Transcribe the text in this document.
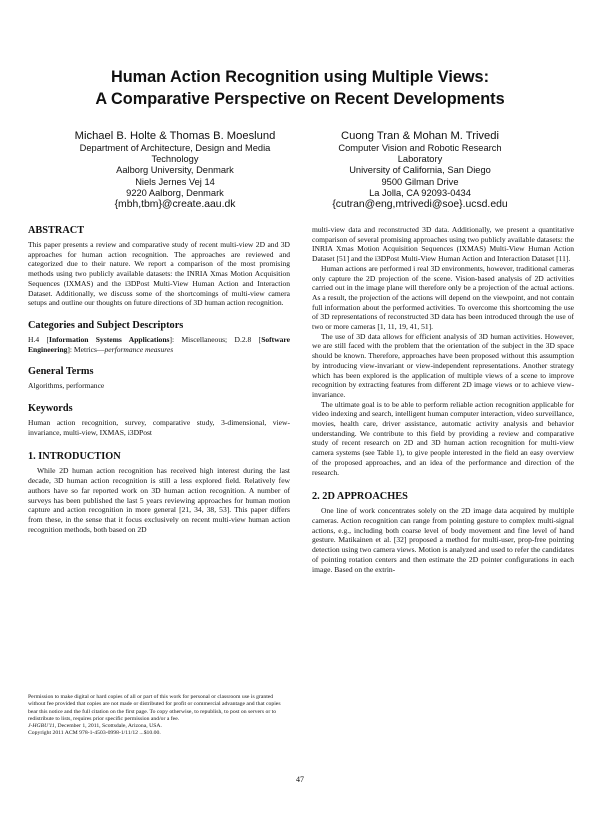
Human Action Recognition using Multiple Views:
A Comparative Perspective on Recent Developments
Michael B. Holte & Thomas B. Moeslund
Department of Architecture, Design and Media
Technology
Aalborg University, Denmark
Niels Jernes Vej 14
9220 Aalborg, Denmark
{mbh,tbm}@create.aau.dk
Cuong Tran & Mohan M. Trivedi
Computer Vision and Robotic Research
Laboratory
University of California, San Diego
9500 Gilman Drive
La Jolla, CA 92093-0434
{cutran@eng,mtrivedi@soe}.ucsd.edu
ABSTRACT

This paper presents a review and comparative study of recent multi-view 2D and 3D approaches for human action recognition. The approaches are reviewed and categorized due to their nature. We report a comparison of the most promising methods using two publicly available datasets: the INRIA Xmas Motion Acquisition Sequences (IXMAS) and the i3DPost Multi-View Human Action and Interaction Dataset. Additionally, we discuss some of the shortcomings of multi-view camera setups and outline our thoughts on future directions of 3D human action recognition.

Categories and Subject Descriptors

H.4 [Information Systems Applications]: Miscellaneous; D.2.8 [Software Engineering]: Metrics—performance measures

General Terms

Algorithms, performance

Keywords

Human action recognition, survey, comparative study, 3-dimensional, view-invariance, multi-view, IXMAS, i3DPost

1. INTRODUCTION

While 2D human action recognition has received high interest during the last decade, 3D human action recognition is still a less explored field. Relatively few authors have so far reported work on 3D human action recognition. A number of surveys has been published the last 5 years reviewing approaches for human motion capture and action recognition in more general [21, 34, 38, 53]. This paper differs from these, in the sense that it focus exclusively on recent multi-view human action recognition methods, both based on 2D

multi-view data and reconstructed 3D data. Additionally, we present a quantitative comparison of several promising approaches using two publicly available datasets: the INRIA Xmas Motion Acquisition Sequences (IXMAS) Multi-View Human Action Dataset [51] and the i3DPost Multi-View Human Action and Interaction Dataset [11].

Human actions are performed i real 3D environments, however, traditional cameras only capture the 2D projection of the scene. Vision-based analysis of 2D activities carried out in the image plane will therefore only be a projection of the actual actions. As a result, the projection of the actions will depend on the viewpoint, and not contain full information about the performed activities. To overcome this shortcoming the use of 3D representations of reconstructed 3D data has been introduced through the use of two or more cameras [1, 11, 19, 41, 51].

The use of 3D data allows for efficient analysis of 3D human activities. However, we are still faced with the problem that the orientation of the subject in the 3D space should be known. Therefore, approaches have been proposed without this assumption by introducing view-invariant or view-independent representations. Another strategy which has been explored is the application of multiple views of a scene to improve recognition by extracting features from different 2D image views or to achieve view-invariance.

The ultimate goal is to be able to perform reliable action recognition applicable for video indexing and search, intelligent human computer interaction, video surveillance, movies, health care, driver assistance, automatic activity analysis and behavior understanding. We contribute to this field by providing a review and comparative study of recent research on 2D and 3D human action recognition for multi-view camera systems (see Table 1), to give people interested in the field an easy overview of the proposed approaches, and an idea of the performance and direction of the research.

2. 2D APPROACHES

One line of work concentrates solely on the 2D image data acquired by multiple cameras. Action recognition can range from pointing gesture to complex multi-signal actions, e.g., including both coarse level of body movement and fine level of hand gesture. Matikainen et al. [32] proposed a method for multi-user, prop-free pointing detection using two camera views. Motion is analyzed and used to refer the candidates of pointing rotation centers and then estimate the 2D pointer configurations in each image. Based on the extrin-

Permission to make digital or hard copies of all or part of this work for personal or classroom use is granted without fee provided that copies are not made or distributed for profit or commercial advantage and that copies bear this notice and the full citation on the first page. To copy otherwise, to republish, to post on servers or to redistribute to lists, requires prior specific permission and/or a fee.

J-HGBU'11, December 1, 2011, Scottsdale, Arizona, USA.

Copyright 2011 ACM 978-1-4503-0998-1/11/12 ...$10.00.

47
